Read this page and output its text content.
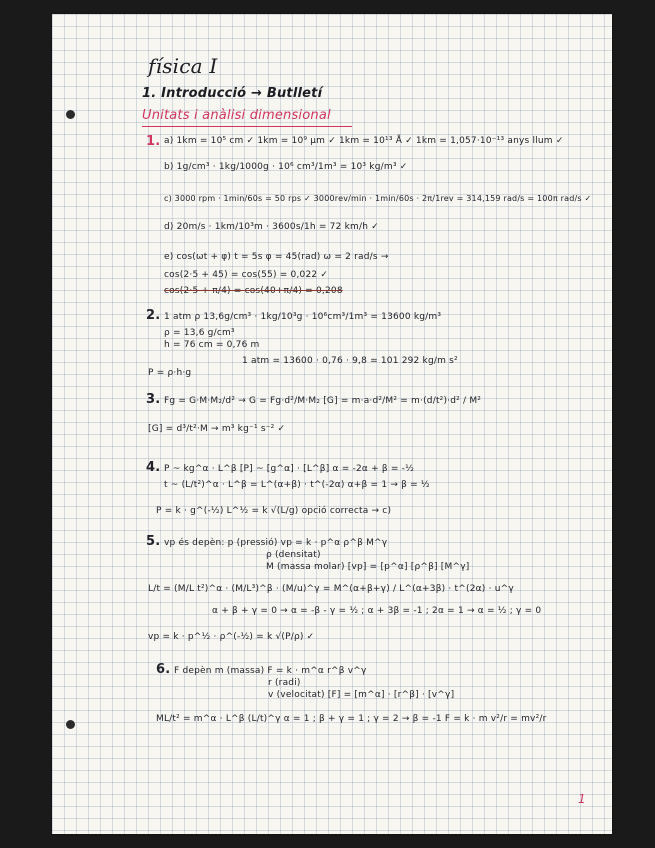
física I
1. Introducció → Butlletí
Unitats i anàlisi dimensional
1. a) 1km = 10⁵ cm ✓ 1km = 10⁹ μm ✓ 1km = 10¹³ Å ✓ 1km = 1,057·10⁻¹³ anys llum ✓
b) 1g/cm³ · 1kg/1000g · 10⁶ cm³/1m³ = 10³ kg/m³ ✓
c) 3000 rpm · 1min/60s = 50 rps ✓ 3000rev/min · 1min/60s · 2π/1rev = 314,159 rad/s = 100π rad/s ✓
d) 20m/s · 1km/10³m · 3600s/1h = 72 km/h ✓
e) cos(ωt + φ) t = 5s φ = 45(rad) ω = 2 rad/s →
cos(2·5 + 45) = cos(55) = 0,022 ✓
cos(2·5 + π/4) = cos(40+π/4) = 0,208
2. 1 atm ρ 13,6g/cm³ · 1kg/10³g · 10⁶cm³/1m³ = 13600 kg/m³
ρ = 13,6 g/cm³
h = 76 cm = 0,76 m
1 atm = 13600 · 0,76 · 9,8 = 101 292 kg/m s²
P = ρ·h·g
3. Fg = G·M·M₂/d² → G = Fg·d²/M·M₂ [G] = m·a·d²/M² = m·(d/t²)·d² / M²
[G] = d³/t²·M → m³ kg⁻¹ s⁻² ✓
4. P ~ kg^α · L^β [P] ~ [g^α] · [L^β] α = -2α + β = -½
t ~ (L/t²)^α · L^β = L^(α+β) · t^(-2α) α+β = 1 → β = ½
P = k · g^(-½) L^½ = k √(L/g) opció correcta → c)
5. vp és depèn: p (pressió) vp = k · p^α ρ^β M^γ
ρ (densitat)
M (massa molar) [vp] = [p^α] [ρ^β] [M^γ]
L/t = (M/L t²)^α · (M/L³)^β · (M/u)^γ = M^(α+β+γ) / L^(α+3β) · t^(2α) · u^γ
α + β + γ = 0 → α = -β - γ = ½ ; α + 3β = -1 ; 2α = 1 → α = ½ ; γ = 0
vp = k · p^½ · ρ^(-½) = k √(P/ρ) ✓
6. F depèn m (massa) F = k · m^α r^β v^γ
r (radi)
v (velocitat) [F] = [m^α] · [r^β] · [v^γ]
ML/t² = m^α · L^β (L/t)^γ α = 1 ; β + γ = 1 ; γ = 2 → β = -1 F = k · m v²/r = mv²/r
1
